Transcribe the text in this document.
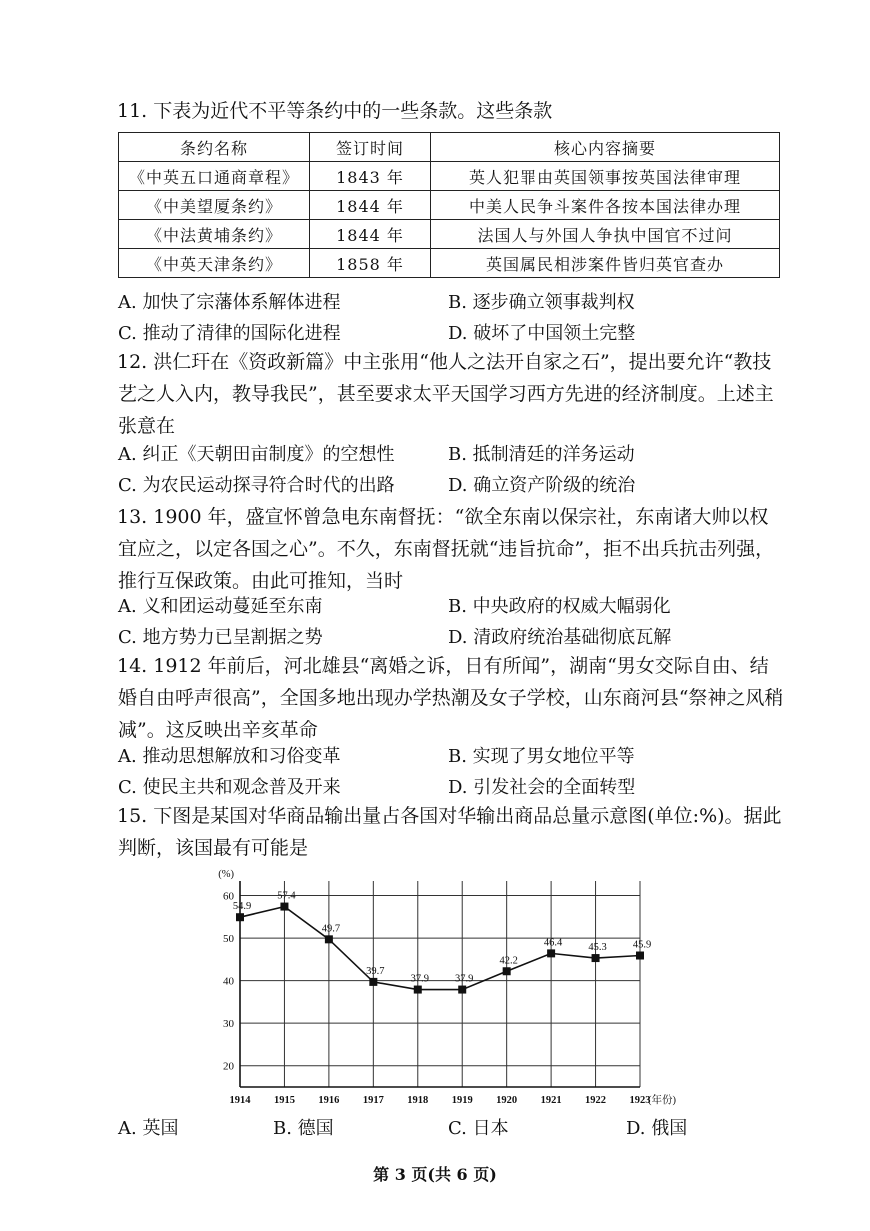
11. 下表为近代不平等条约中的一些条款。这些条款
条约名称	签订时间	核心内容摘要
《中英五口通商章程》	1843 年	英人犯罪由英国领事按英国法律审理
《中美望厦条约》	1844 年	中美人民争斗案件各按本国法律办理
《中法黄埔条约》	1844 年	法国人与外国人争执中国官不过问
《中英天津条约》	1858 年	英国属民相涉案件皆归英官查办
A. 加快了宗藩体系解体进程	B. 逐步确立领事裁判权
C. 推动了清律的国际化进程	D. 破坏了中国领土完整
12. 洪仁玕在《资政新篇》中主张用“他人之法开自家之石”，提出要允许“教技艺之人入内，教导我民”，甚至要求太平天国学习西方先进的经济制度。上述主张意在
A. 纠正《天朝田亩制度》的空想性	B. 抵制清廷的洋务运动
C. 为农民运动探寻符合时代的出路	D. 确立资产阶级的统治
13. 1900 年，盛宣怀曾急电东南督抚：“欲全东南以保宗社，东南诸大帅以权宜应之，以定各国之心”。不久，东南督抚就“违旨抗命”，拒不出兵抗击列强，推行互保政策。由此可推知，当时
A. 义和团运动蔓延至东南	B. 中央政府的权威大幅弱化
C. 地方势力已呈割据之势	D. 清政府统治基础彻底瓦解
14. 1912 年前后，河北雄县“离婚之诉，日有所闻”，湖南“男女交际自由、结婚自由呼声很高”，全国多地出现办学热潮及女子学校，山东商河县“祭神之风稍减”。这反映出辛亥革命
A. 推动思想解放和习俗变革	B. 实现了男女地位平等
C. 使民主共和观念普及开来	D. 引发社会的全面转型
15. 下图是某国对华商品输出量占各国对华输出商品总量示意图(单位:%)。据此判断，该国最有可能是
20
30
40
50
60
1914 1915 1916 1917 1918 1919 1920 1921 1922 1923
(%)
(年份)
54.9
57.4
49.7
39.7
37.9 37.9
42.2
46.4 45.3 45.9
A. 英国	B. 德国	C. 日本	D. 俄国
第 3 页(共 6 页)
